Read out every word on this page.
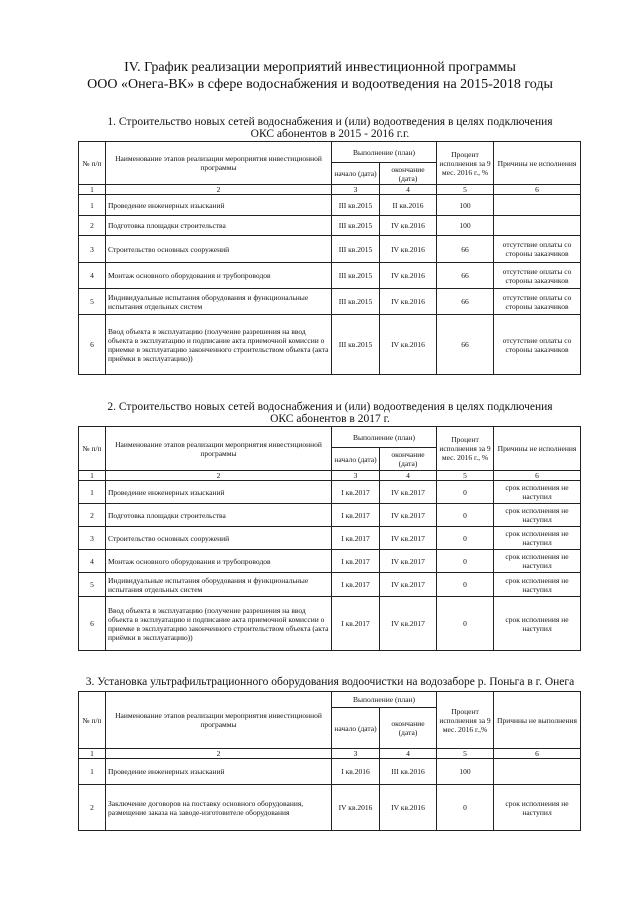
IV. График реализации мероприятий инвестиционной программы
ООО «Онега-ВК» в сфере водоснабжения и водоотведения на 2015-2018 годы
1. Строительство новых сетей водоснабжения и (или) водоотведения в целях подключения
ОКС абонентов в 2015 - 2016 г.г.
№ п/п	Наименование этапов реализации мероприятия инвестиционной программы	Выполнение (план)		Процент исполнения за 9 мес. 2016 г., %	Причины не исполнения
		начало (дата)	окончание (дата)		
1	2	3	4	5	6
1	Проведение инженерных изысканий	III кв.2015	II кв.2016	100	
2	Подготовка площадки строительства	III кв.2015	IV кв.2016	100	
3	Строительство основных сооружений	III кв.2015	IV кв.2016	66	отсутствие оплаты со стороны заказчиков
4	Монтаж основного оборудования и трубопроводов	III кв.2015	IV кв.2016	66	отсутствие оплаты со стороны заказчиков
5	Индивидуальные испытания оборудования и функциональные испытания отдельных систем	III кв.2015	IV кв.2016	66	отсутствие оплаты со стороны заказчиков
6	Ввод объекта в эксплуатацию (получение разрешения на ввод объекта в эксплуатацию и подписание акта приемочной комиссии о приемке в эксплуатацию законченного строительством объекта (акта приёмки в эксплуатацию))	III кв.2015	IV кв.2016	66	отсутствие оплаты со стороны заказчиков
2. Строительство новых сетей водоснабжения и (или) водоотведения в целях подключения
ОКС абонентов в 2017 г.
№ п/п	Наименование этапов реализации мероприятия инвестиционной программы	Выполнение (план)		Процент исполнения за 9 мес. 2016 г., %	Причины не исполнения
		начало (дата)	окончание (дата)		
1	2	3	4	5	6
1	Проведение инженерных изысканий	I кв.2017	IV кв.2017	0	срок исполнения не наступил
2	Подготовка площадки строительства	I кв.2017	IV кв.2017	0	срок исполнения не наступил
3	Строительство основных сооружений	I кв.2017	IV кв.2017	0	срок исполнения не наступил
4	Монтаж основного оборудования и трубопроводов	I кв.2017	IV кв.2017	0	срок исполнения не наступил
5	Индивидуальные испытания оборудования и функциональные испытания отдельных систем	I кв.2017	IV кв.2017	0	срок исполнения не наступил
6	Ввод объекта в эксплуатацию (получение разрешения на ввод объекта в эксплуатацию и подписание акта приемочной комиссии о приемке в эксплуатацию законченного строительством объекта (акта приёмки в эксплуатацию))	I кв.2017	IV кв.2017	0	срок исполнения не наступил
3. Установка ультрафильтрационного оборудования водоочистки на водозаборе р. Поньга в г. Онега
№ п/п	Наименование этапов реализации мероприятия инвестиционной программы	Выполнение (план)		Процент исполнения за 9 мес. 2016 г.,%	Причины не выполнения
		начало (дата)	окончание (дата)		
1	2	3	4	5	6
1	Проведение инженерных изысканий	I кв.2016	III кв.2016	100	
2	Заключение договоров на поставку основного оборудования, размещение заказа на заводе-изготовителе оборудования	IV кв.2016	IV кв.2016	0	срок исполнения не наступил
